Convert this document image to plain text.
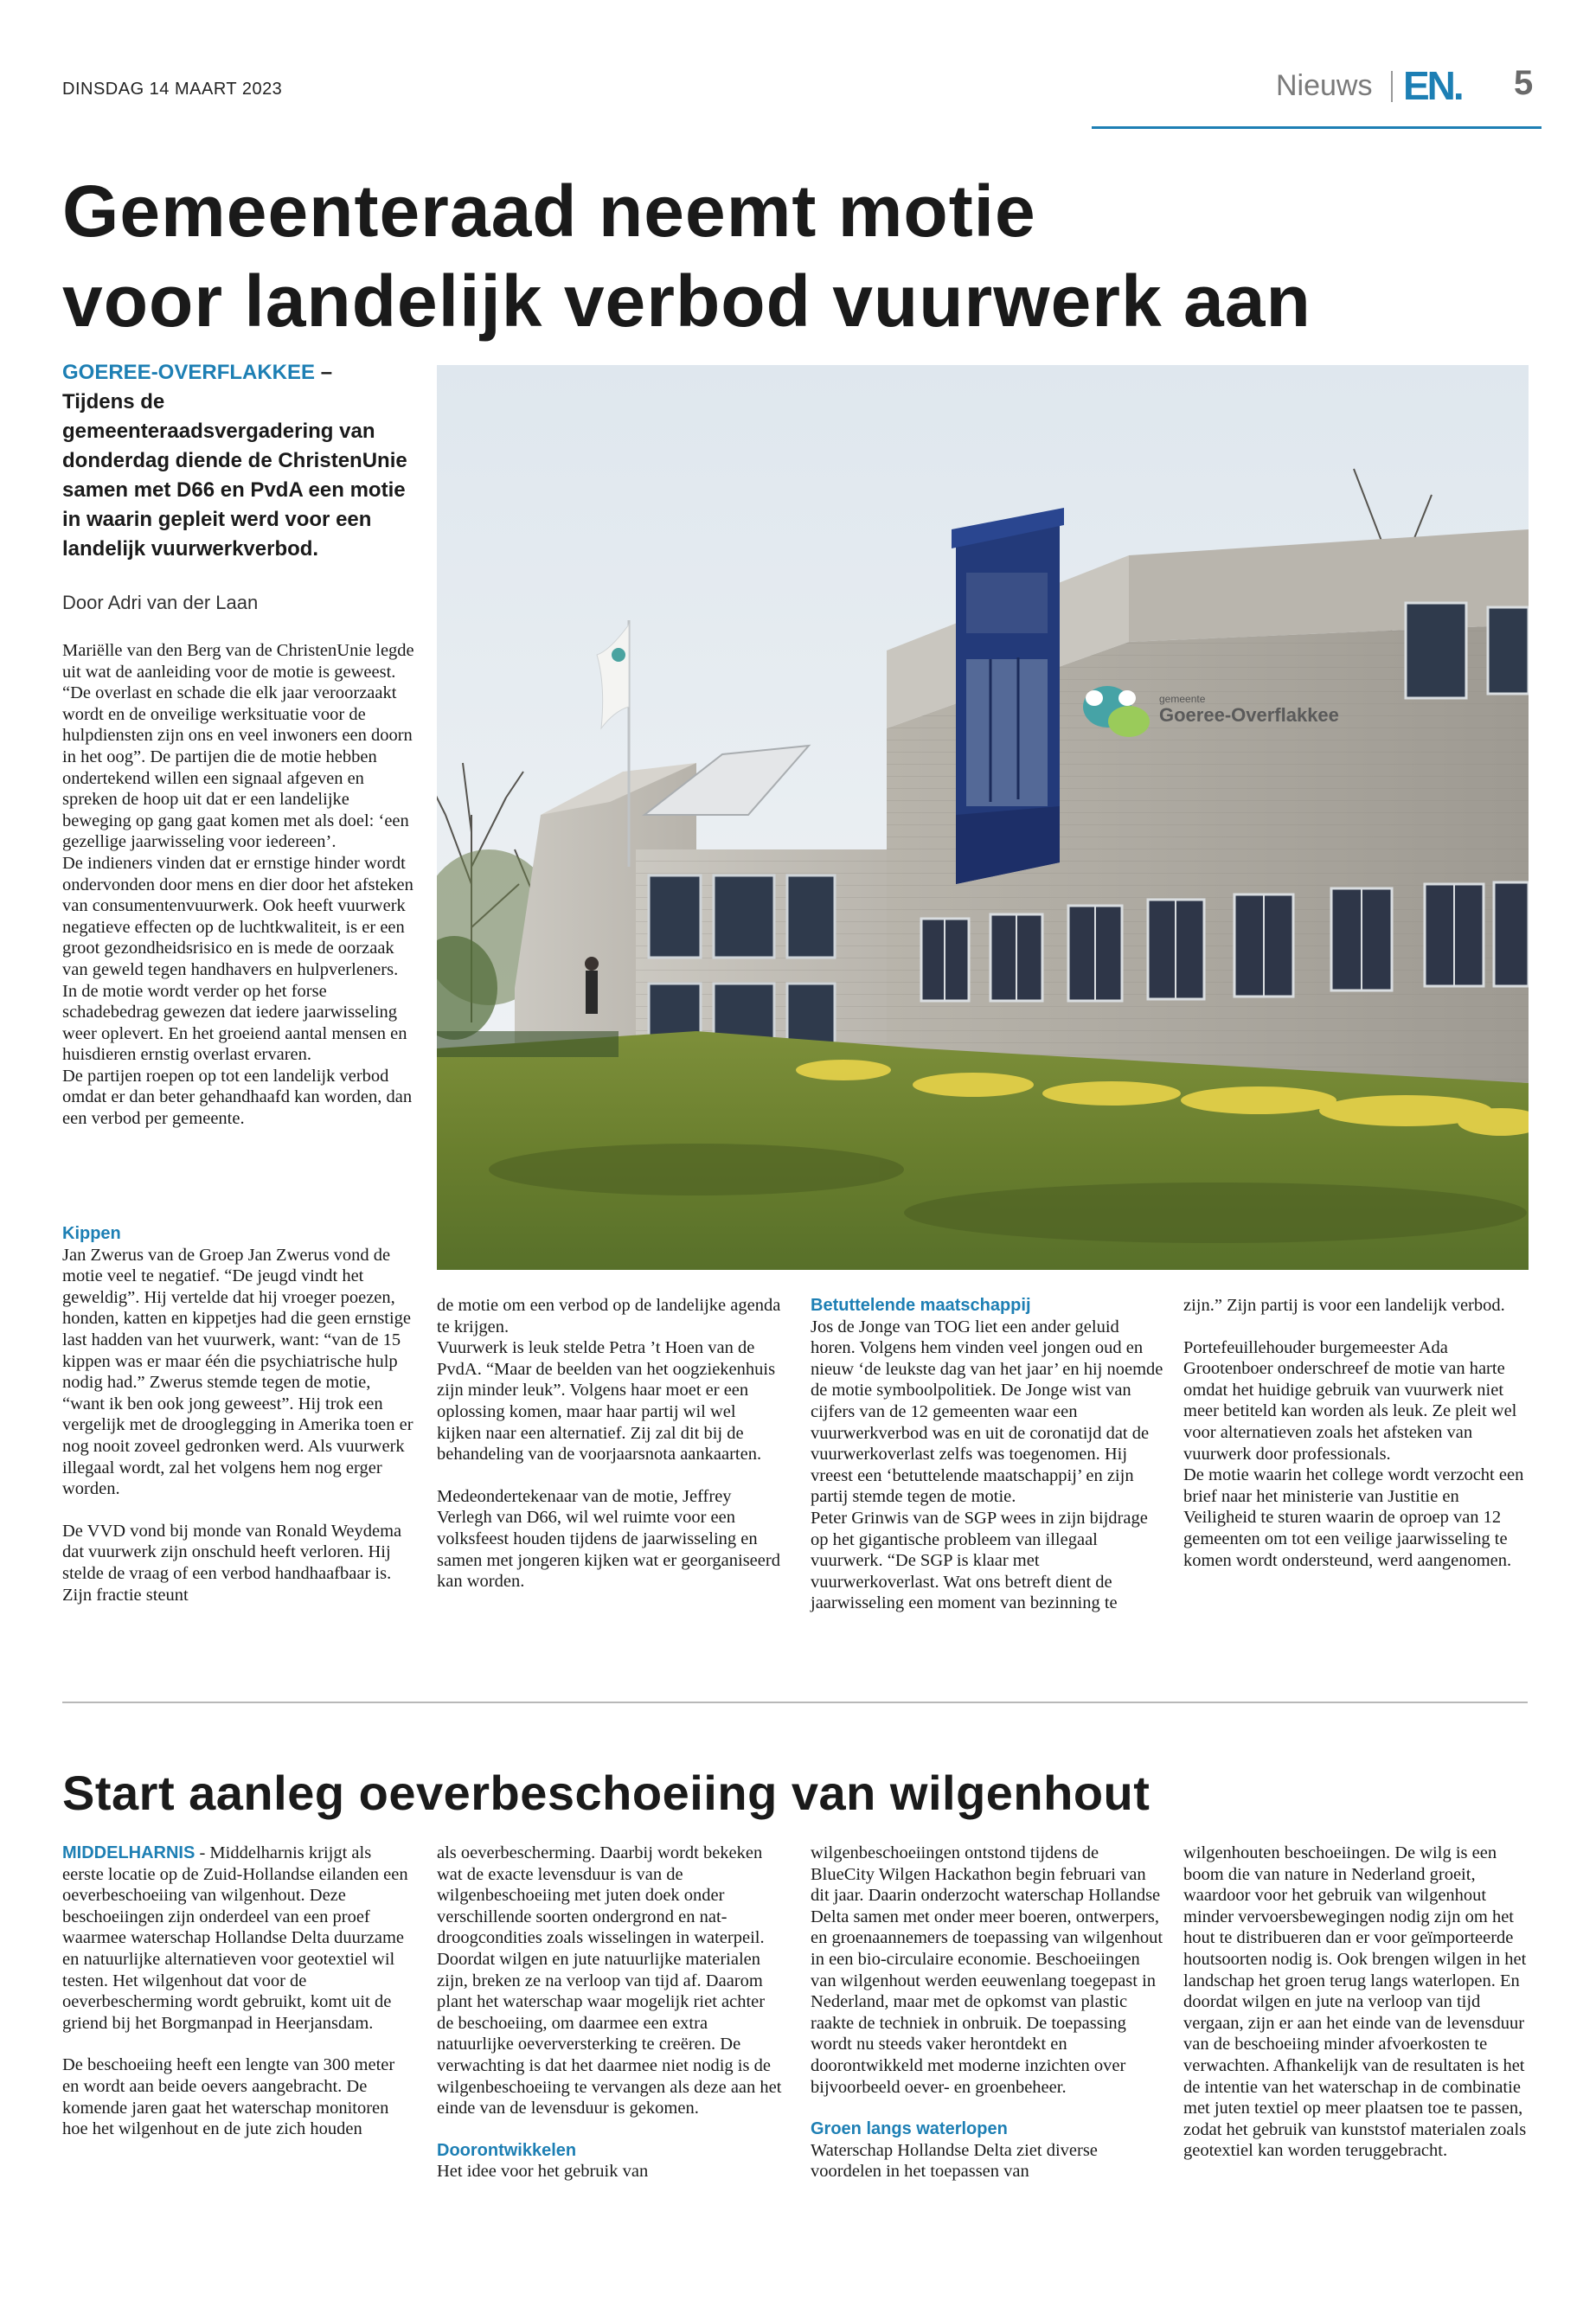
DINSDAG 14 MAART 2023	Nieuws EN. 5
Gemeenteraad neemt motie
voor landelijk verbod vuurwerk aan
GOEREE-OVERFLAKKEE – Tijdens de gemeenteraadsvergadering van donderdag diende de ChristenUnie samen met D66 en PvdA een motie in waarin gepleit werd voor een landelijk vuurwerkverbod.
Door Adri van der Laan

Mariëlle van den Berg van de ChristenUnie legde uit wat de aanleiding voor de motie is geweest. “De overlast en schade die elk jaar veroorzaakt wordt en de onveilige werksituatie voor de hulpdiensten zijn ons en veel inwoners een doorn in het oog”. De partijen die de motie hebben ondertekend willen een signaal afgeven en spreken de hoop uit dat er een landelijke beweging op gang gaat komen met als doel: ‘een gezellige jaarwisseling voor iedereen’.

De indieners vinden dat er ernstige hinder wordt ondervonden door mens en dier door het afsteken van consumentenvuurwerk. Ook heeft vuurwerk negatieve effecten op de luchtkwaliteit, is er een groot gezondheidsrisico en is mede de oorzaak van geweld tegen handhavers en hulpverleners. In de motie wordt verder op het forse schadebedrag gewezen dat iedere jaarwisseling weer oplevert. En het groeiend aantal mensen en huisdieren ernstig overlast ervaren.

De partijen roepen op tot een landelijk verbod omdat er dan beter gehandhaafd kan worden, dan een verbod per gemeente.

Kippen

Jan Zwerus van de Groep Jan Zwerus vond de motie veel te negatief. “De jeugd vindt het geweldig”. Hij vertelde dat hij vroeger poezen, honden, katten en kippetjes had die geen ernstige last hadden van het vuurwerk, want: “van de 15 kippen was er maar één die psychiatrische hulp nodig had.” Zwerus stemde tegen de motie, “want ik ben ook jong geweest”. Hij trok een vergelijk met de drooglegging in Amerika toen er nog nooit zoveel gedronken werd. Als vuurwerk illegaal wordt, zal het volgens hem nog erger worden.

De VVD vond bij monde van Ronald Weydema dat vuurwerk zijn onschuld heeft verloren. Hij stelde de vraag of een verbod handhaafbaar is. Zijn fractie steunt

gemeente
Goeree-Overflakkee

de motie om een verbod op de landelijke agenda te krijgen.

Vuurwerk is leuk stelde Petra ’t Hoen van de PvdA. “Maar de beelden van het oogziekenhuis zijn minder leuk”. Volgens haar moet er een oplossing komen, maar haar partij wil wel kijken naar een alternatief. Zij zal dit bij de behandeling van de voorjaarsnota aankaarten.

Medeondertekenaar van de motie, Jeffrey Verlegh van D66, wil wel ruimte voor een volksfeest houden tijdens de jaarwisseling en samen met jongeren kijken wat er georganiseerd kan worden.

Betuttelende maatschappij

Jos de Jonge van TOG liet een ander geluid horen. Volgens hem vinden veel jongen oud en nieuw ‘de leukste dag van het jaar’ en hij noemde de motie symboolpolitiek. De Jonge wist van cijfers van de 12 gemeenten waar een vuurwerkverbod was en uit de coronatijd dat de vuurwerkoverlast zelfs was toegenomen. Hij vreest een ‘betuttelende maatschappij’ en zijn partij stemde tegen de motie.

Peter Grinwis van de SGP wees in zijn bijdrage op het gigantische probleem van illegaal vuurwerk. “De SGP is klaar met vuurwerkoverlast. Wat ons betreft dient de jaarwisseling een moment van bezinning te

zijn.” Zijn partij is voor een landelijk verbod.

Portefeuillehouder burgemeester Ada Grootenboer onderschreef de motie van harte omdat het huidige gebruik van vuurwerk niet meer betiteld kan worden als leuk. Ze pleit wel voor alternatieven zoals het afsteken van vuurwerk door professionals.

De motie waarin het college wordt verzocht een brief naar het ministerie van Justitie en Veiligheid te sturen waarin de oproep van 12 gemeenten om tot een veilige jaarwisseling te komen wordt ondersteund, werd aangenomen.

Start aanleg oeverbeschoeiing van wilgenhout

MIDDELHARNIS - Middelharnis krijgt als eerste locatie op de Zuid-Hollandse eilanden een oeverbeschoeiing van wilgenhout. Deze beschoeiingen zijn onderdeel van een proef waarmee waterschap Hollandse Delta duurzame en natuurlijke alternatieven voor geotextiel wil testen. Het wilgenhout dat voor de oeverbescherming wordt gebruikt, komt uit de griend bij het Borgmanpad in Heerjansdam.

De beschoeiing heeft een lengte van 300 meter en wordt aan beide oevers aangebracht. De komende jaren gaat het waterschap monitoren hoe het wilgenhout en de jute zich houden

als oeverbescherming. Daarbij wordt bekeken wat de exacte levensduur is van de wilgenbeschoeiing met juten doek onder verschillende soorten ondergrond en nat- droogcondities zoals wisselingen in waterpeil. Doordat wilgen en jute natuurlijke materialen zijn, breken ze na verloop van tijd af. Daarom plant het waterschap waar mogelijk riet achter de beschoeiing, om daarmee een extra natuurlijke oeverversterking te creëren. De verwachting is dat het daarmee niet nodig is de wilgenbeschoeiing te vervangen als deze aan het einde van de levensduur is gekomen.

Doorontwikkelen

Het idee voor het gebruik van

wilgenbeschoeiingen ontstond tijdens de BlueCity Wilgen Hackathon begin februari van dit jaar. Daarin onderzocht waterschap Hollandse Delta samen met onder meer boeren, ontwerpers, en groenaannemers de toepassing van wilgenhout in een bio-circulaire economie. Beschoeiingen van wilgenhout werden eeuwenlang toegepast in Nederland, maar met de opkomst van plastic raakte de techniek in onbruik. De toepassing wordt nu steeds vaker herontdekt en doorontwikkeld met moderne inzichten over bijvoorbeeld oever- en groenbeheer.

Groen langs waterlopen

Waterschap Hollandse Delta ziet diverse voordelen in het toepassen van

wilgenhouten beschoeiingen. De wilg is een boom die van nature in Nederland groeit, waardoor voor het gebruik van wilgenhout minder vervoersbewegingen nodig zijn om het hout te distribueren dan er voor geïmporteerde houtsoorten nodig is. Ook brengen wilgen in het landschap het groen terug langs waterlopen. En doordat wilgen en jute na verloop van tijd vergaan, zijn er aan het einde van de levensduur van de beschoeiing minder afvoerkosten te verwachten. Afhankelijk van de resultaten is het de intentie van het waterschap in de combinatie met juten textiel op meer plaatsen toe te passen, zodat het gebruik van kunststof materialen zoals geotextiel kan worden teruggebracht.
